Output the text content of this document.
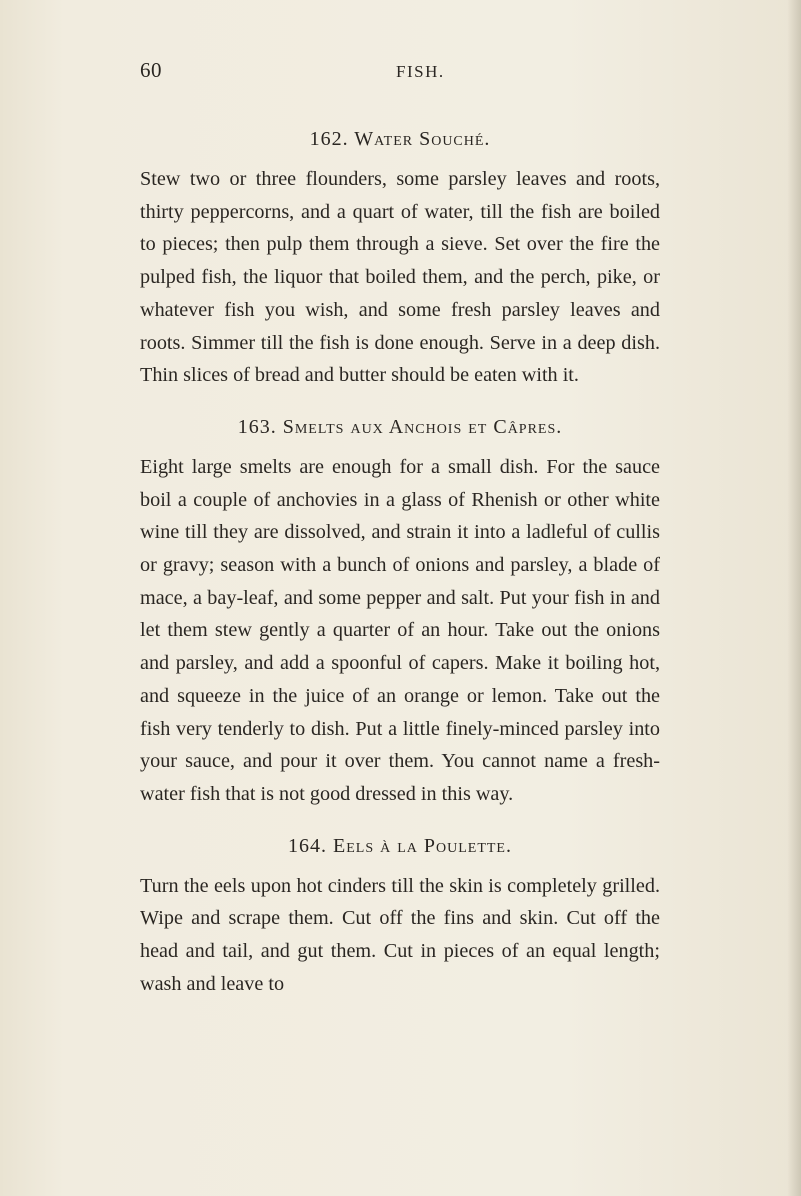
60	FISH.
162. Water Souché.

Stew two or three flounders, some parsley leaves and roots, thirty peppercorns, and a quart of water, till the fish are boiled to pieces; then pulp them through a sieve. Set over the fire the pulped fish, the liquor that boiled them, and the perch, pike, or whatever fish you wish, and some fresh parsley leaves and roots. Simmer till the fish is done enough. Serve in a deep dish. Thin slices of bread and butter should be eaten with it.

163. Smelts aux Anchois et Câpres.

Eight large smelts are enough for a small dish. For the sauce boil a couple of anchovies in a glass of Rhenish or other white wine till they are dissolved, and strain it into a ladleful of cullis or gravy; season with a bunch of onions and parsley, a blade of mace, a bay-leaf, and some pepper and salt. Put your fish in and let them stew gently a quarter of an hour. Take out the onions and parsley, and add a spoonful of capers. Make it boiling hot, and squeeze in the juice of an orange or lemon. Take out the fish very tenderly to dish. Put a little finely-minced parsley into your sauce, and pour it over them. You cannot name a fresh-water fish that is not good dressed in this way.

164. Eels à la Poulette.

Turn the eels upon hot cinders till the skin is completely grilled. Wipe and scrape them. Cut off the fins and skin. Cut off the head and tail, and gut them. Cut in pieces of an equal length; wash and leave to
